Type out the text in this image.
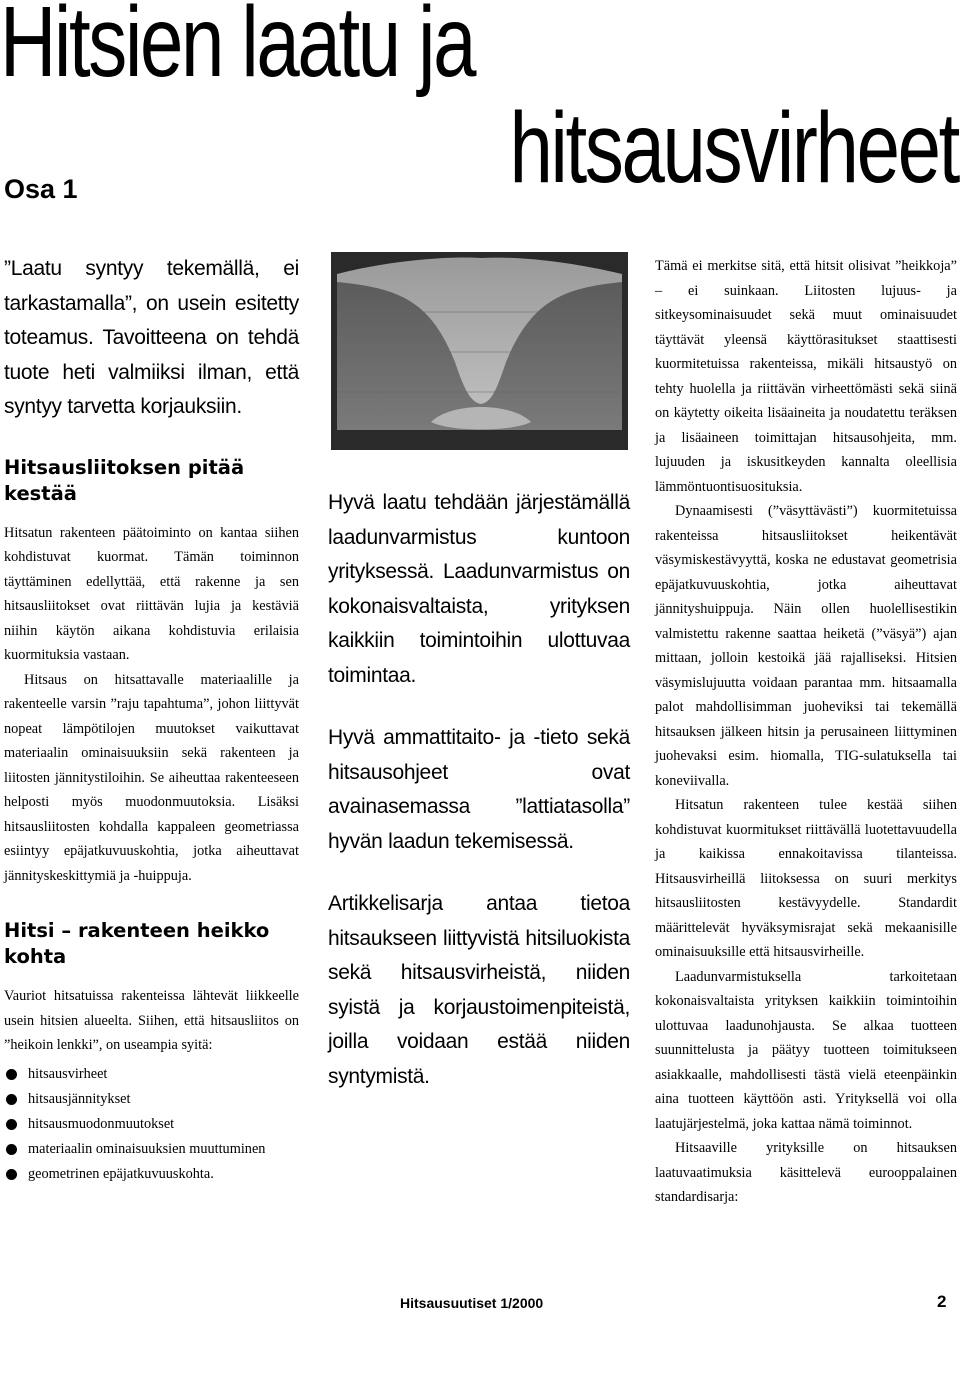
Hitsien laatu ja
hitsausvirheet
Osa 1

”Laatu syntyy tekemällä, ei tarkastamalla”, on usein esitetty toteamus. Tavoitteena on tehdä tuote heti valmiiksi ilman, että syntyy tarvetta korjauksiin.

Hitsausliitoksen pitää kestää

Hitsatun rakenteen päätoiminto on kantaa siihen kohdistuvat kuormat. Tämän toiminnon täyttäminen edellyttää, että rakenne ja sen hitsausliitokset ovat riittävän lujia ja kestäviä niihin käytön aikana kohdistuvia erilaisia kuormituksia vastaan.

Hitsaus on hitsattavalle materiaalille ja rakenteelle varsin ”raju tapahtuma”, johon liittyvät nopeat lämpötilojen muutokset vaikuttavat materiaalin ominaisuuksiin sekä rakenteen ja liitosten jännitystiloihin. Se aiheuttaa rakenteeseen helposti myös muodonmuutoksia. Lisäksi hitsausliitosten kohdalla kappaleen geometriassa esiintyy epäjatkuvuuskohtia, jotka aiheuttavat jännityskeskittymiä ja -huippuja.

Hitsi – rakenteen heikko kohta

Vauriot hitsatuissa rakenteissa lähtevät liikkeelle usein hitsien alueelta. Siihen, että hitsausliitos on ”heikoin lenkki”, on useampia syitä:

hitsausvirheet
hitsausjännitykset
hitsausmuodonmuutokset
materiaalin ominaisuuksien muuttuminen
geometrinen epäjatkuvuuskohta.

Hyvä laatu tehdään järjestämällä laadunvarmistus kuntoon yrityksessä. Laadunvarmistus on kokonaisvaltaista, yrityksen kaikkiin toimintoihin ulottuvaa toimintaa.

Hyvä ammattitaito- ja -tieto sekä hitsausohjeet ovat avainasemassa ”lattiatasolla” hyvän laadun tekemisessä.

Artikkelisarja antaa tietoa hitsaukseen liittyvistä hitsiluokista sekä hitsausvirheistä, niiden syistä ja korjaustoimenpiteistä, joilla voidaan estää niiden syntymistä.

Tämä ei merkitse sitä, että hitsit olisivat ”heikkoja” – ei suinkaan. Liitosten lujuus- ja sitkeysominaisuudet sekä muut ominaisuudet täyttävät yleensä käyttörasitukset staattisesti kuormitetuissa rakenteissa, mikäli hitsaustyö on tehty huolella ja riittävän virheettömästi sekä siinä on käytetty oikeita lisäaineita ja noudatettu teräksen ja lisäaineen toimittajan hitsausohjeita, mm. lujuuden ja iskusitkeyden kannalta oleellisia lämmöntuontisuosituksia.

Dynaamisesti (”väsyttävästi”) kuormitetuissa rakenteissa hitsausliitokset heikentävät väsymiskestävyyttä, koska ne edustavat geometrisia epäjatkuvuuskohtia, jotka aiheuttavat jännityshuippuja. Näin ollen huolellisestikin valmistettu rakenne saattaa heiketä (”väsyä”) ajan mittaan, jolloin kestoikä jää rajalliseksi. Hitsien väsymislujuutta voidaan parantaa mm. hitsaamalla palot mahdollisimman juoheviksi tai tekemällä hitsauksen jälkeen hitsin ja perusaineen liittyminen juohevaksi esim. hiomalla, TIG-sulatuksella tai koneviivalla.

Hitsatun rakenteen tulee kestää siihen kohdistuvat kuormitukset riittävällä luotettavuudella ja kaikissa ennakoitavissa tilanteissa. Hitsausvirheillä liitoksessa on suuri merkitys hitsausliitosten kestävyydelle. Standardit määrittelevät hyväksymisrajat sekä mekaanisille ominaisuuksille että hitsausvirheille.

Laadunvarmistuksella tarkoitetaan kokonaisvaltaista yrityksen kaikkiin toimintoihin ulottuvaa laadunohjausta. Se alkaa tuotteen suunnittelusta ja päätyy tuotteen toimitukseen asiakkaalle, mahdollisesti tästä vielä eteenpäinkin aina tuotteen käyttöön asti. Yrityksellä voi olla laatujärjestelmä, joka kattaa nämä toiminnot.

Hitsaaville yrityksille on hitsauksen laatuvaatimuksia käsittelevä eurooppalainen standardisarja:

Hitsausuutiset 1/2000	2
